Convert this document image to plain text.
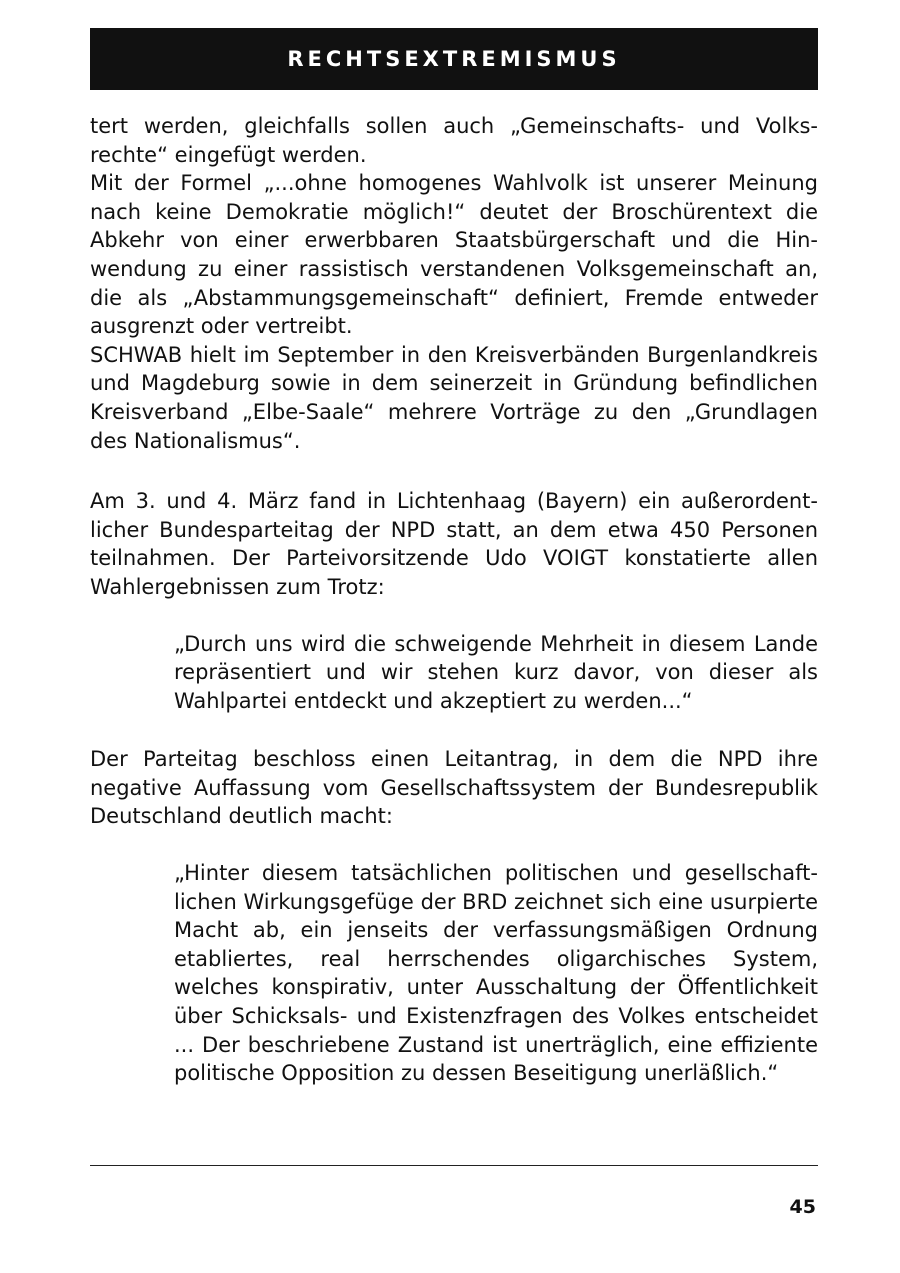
RECHTSEXTREMISMUS

tert werden, gleichfalls sollen auch „Gemeinschafts- und Volksrechte“ eingefügt werden.

Mit der Formel „...ohne homogenes Wahlvolk ist unserer Meinung nach keine Demokratie möglich!“ deutet der Broschürentext die Abkehr von einer erwerbbaren Staatsbürgerschaft und die Hinwendung zu einer rassistisch verstandenen Volksgemeinschaft an, die als „Abstammungsgemeinschaft“ definiert, Fremde entweder ausgrenzt oder vertreibt.

SCHWAB hielt im September in den Kreisverbänden Burgenlandkreis und Magdeburg sowie in dem seinerzeit in Gründung befindlichen Kreisverband „Elbe-Saale“ mehrere Vorträge zu den „Grundlagen des Nationalismus“.

Am 3. und 4. März fand in Lichtenhaag (Bayern) ein außerordentlicher Bundesparteitag der NPD statt, an dem etwa 450 Personen teilnahmen. Der Parteivorsitzende Udo VOIGT konstatierte allen Wahlergebnissen zum Trotz:

„Durch uns wird die schweigende Mehrheit in diesem Lande repräsentiert und wir stehen kurz davor, von dieser als Wahlpartei entdeckt und akzeptiert zu werden...“

Der Parteitag beschloss einen Leitantrag, in dem die NPD ihre negative Auffassung vom Gesellschaftssystem der Bundesrepublik Deutschland deutlich macht:

„Hinter diesem tatsächlichen politischen und gesellschaftlichen Wirkungsgefüge der BRD zeichnet sich eine usurpierte Macht ab, ein jenseits der verfassungsmäßigen Ordnung etabliertes, real herrschendes oligarchisches System, welches konspirativ, unter Ausschaltung der Öffentlichkeit über Schicksals- und Existenzfragen des Volkes entscheidet ... Der beschriebene Zustand ist unerträglich, eine effiziente politische Opposition zu dessen Beseitigung unerläßlich.“

45
